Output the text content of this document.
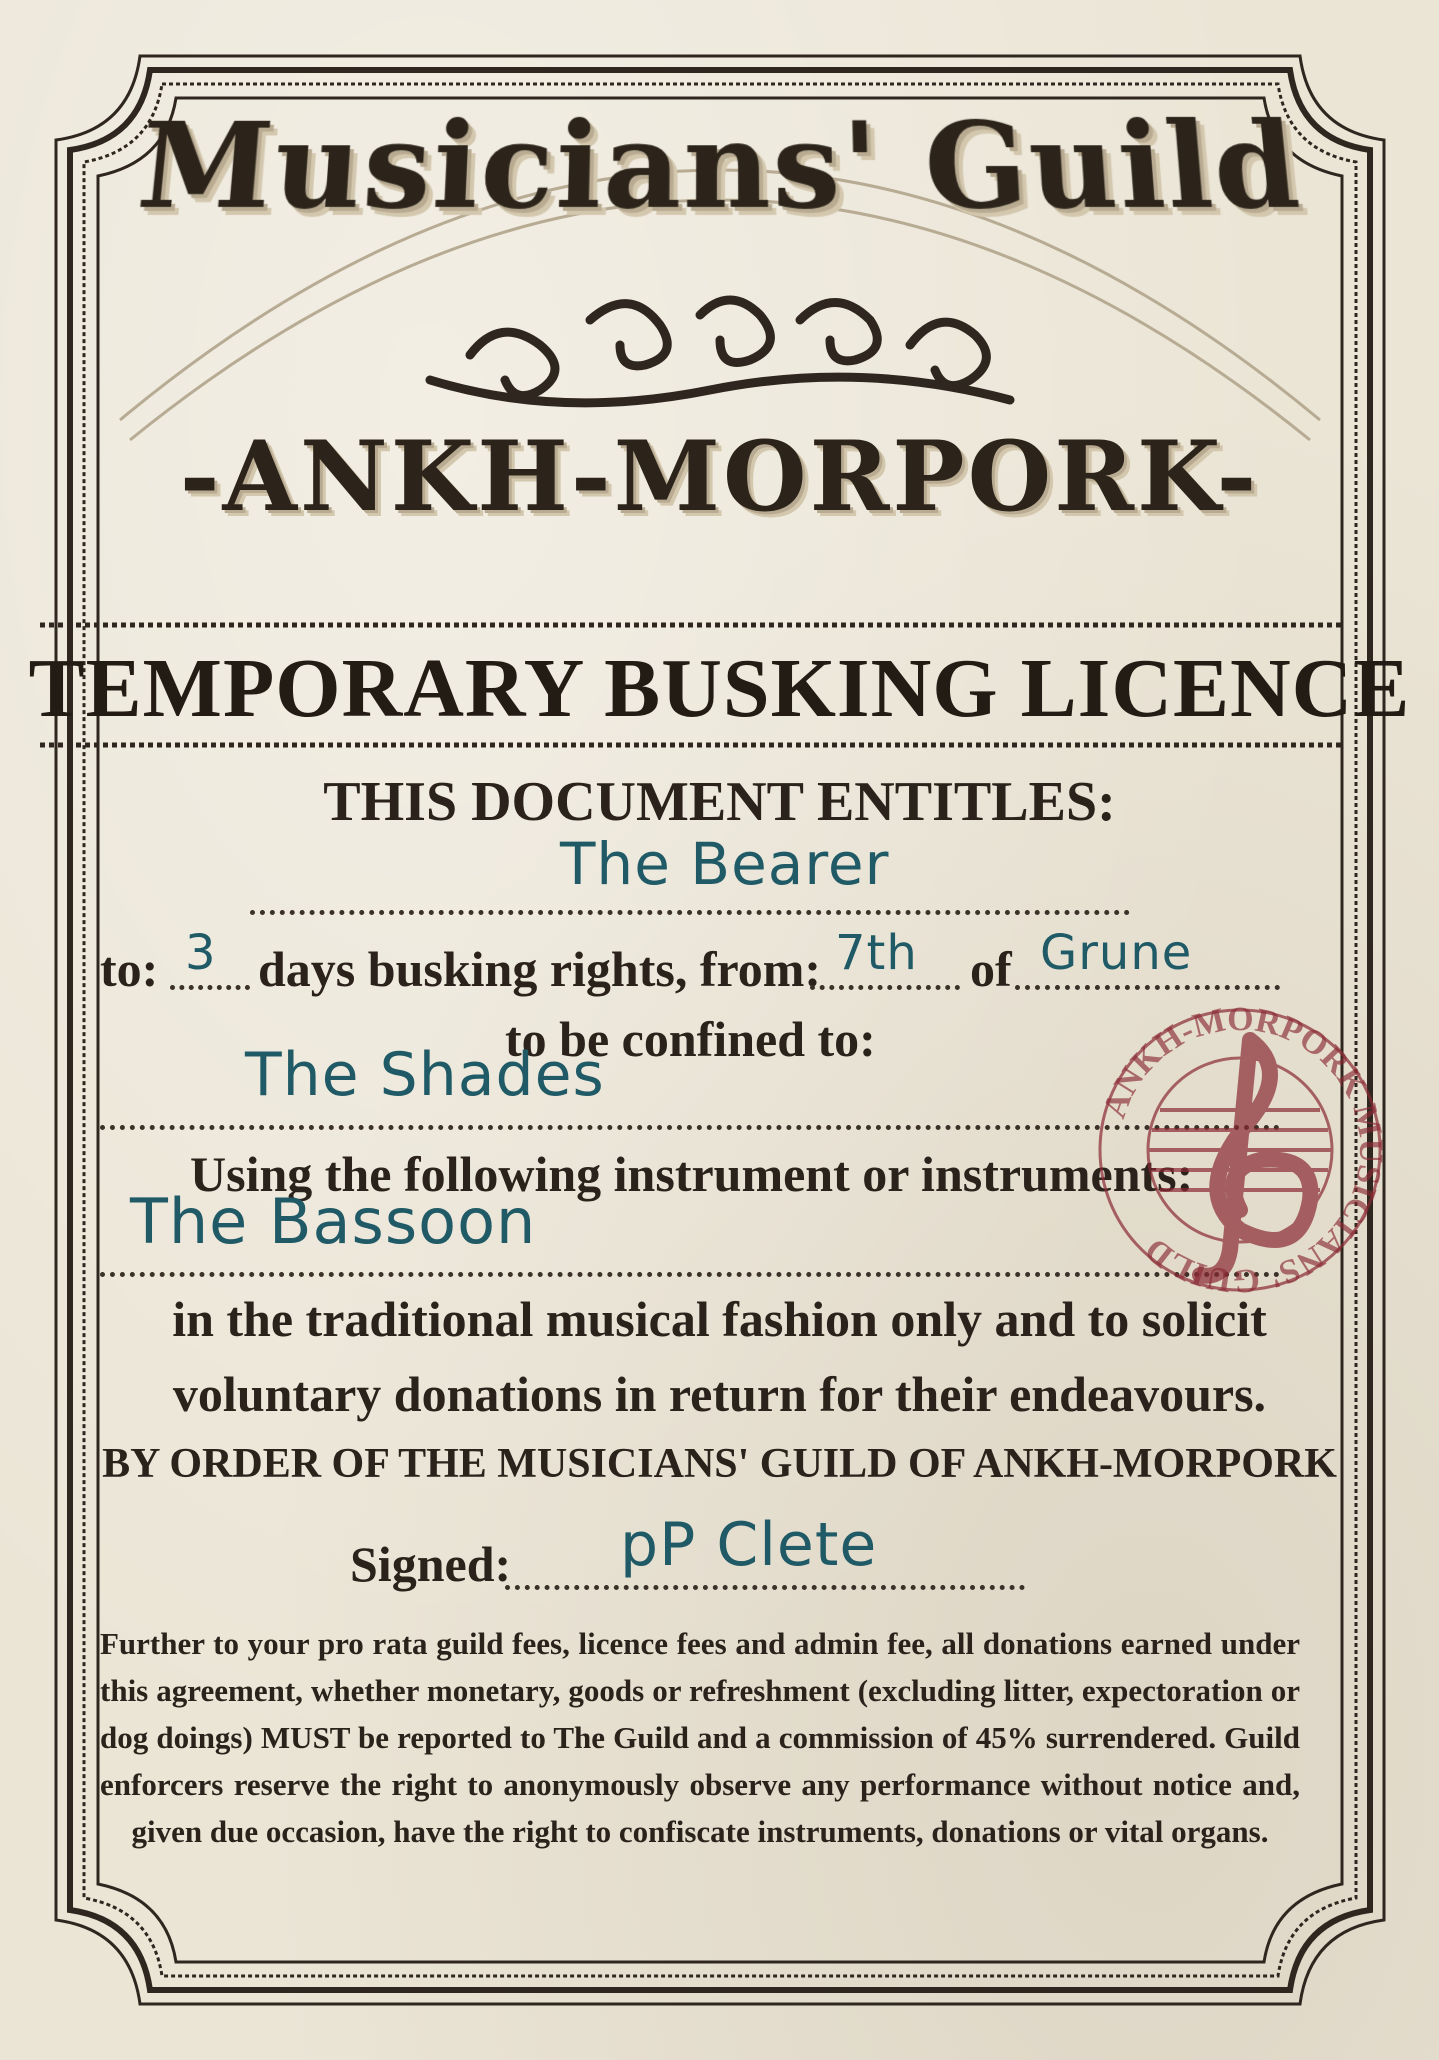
Musicians' Guild
-ANKH-MORPORK-
TEMPORARY BUSKING LICENCE
THIS DOCUMENT ENTITLES:
The Bearer
to: 3 days busking rights, from: 7th of Grune
to be confined to:
The Shades
Using the following instrument or instruments:
The Bassoon
in the traditional musical fashion only and to solicit
voluntary donations in return for their endeavours.
BY ORDER OF THE MUSICIANS' GUILD OF ANKH-MORPORK
Signed: pP Clete
Further to your pro rata guild fees, licence fees and admin fee, all donations earned under this agreement, whether monetary, goods or refreshment (excluding litter, expectoration or dog doings) MUST be reported to The Guild and a commission of 45% surrendered. Guild enforcers reserve the right to anonymously observe any performance without notice and, given due occasion, have the right to confiscate instruments, donations or vital organs.
ANKH-MORPORK MUSICIANS' GUILD
